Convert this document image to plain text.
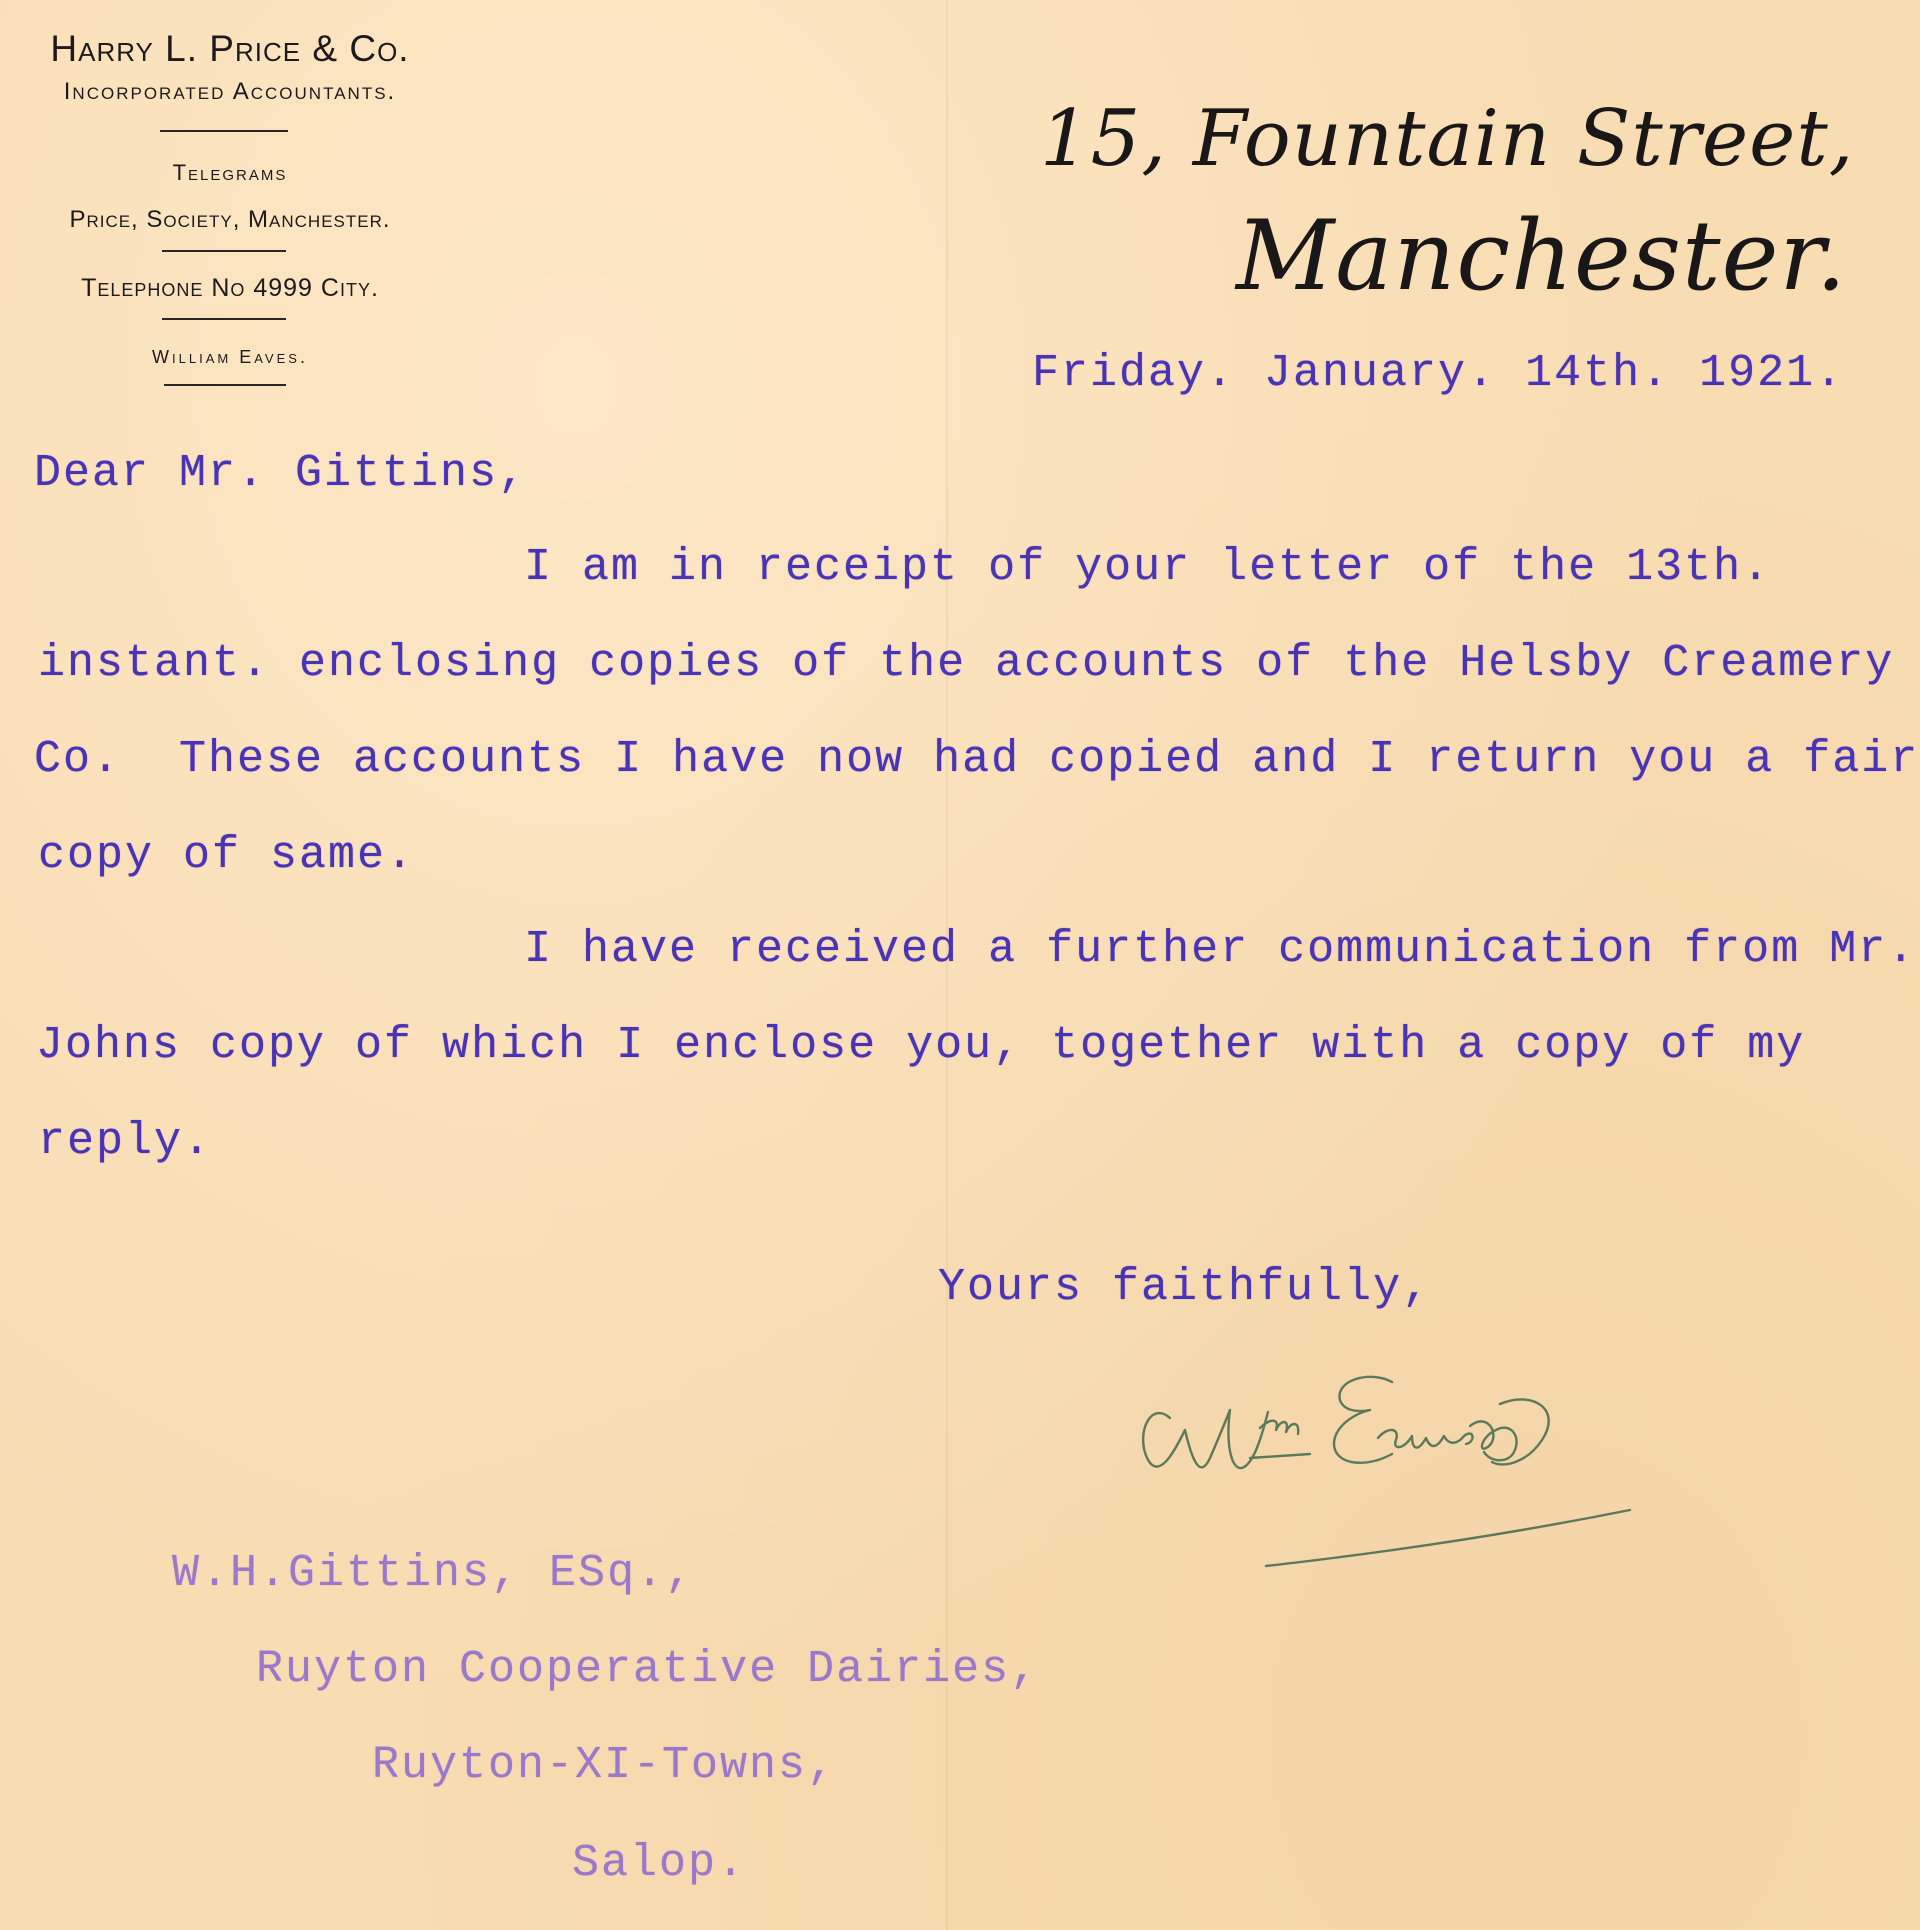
Harry L. Price & Co.
Incorporated Accountants.
Telegrams
Price, Society, Manchester.
Telephone No 4999 City.
William Eaves.
15, Fountain Street,
Manchester.
Friday. January. 14th. 1921.
Dear Mr. Gittins,
I am in receipt of your letter of the 13th.
instant. enclosing copies of the accounts of the Helsby Creamery
Co.  These accounts I have now had copied and I return you a fair
copy of same.
I have received a further communication from Mr.
Johns copy of which I enclose you, together with a copy of my
reply.
Yours faithfully,
W.H.Gittins, ESq.,
Ruyton Cooperative Dairies,
Ruyton-XI-Towns,
Salop.
